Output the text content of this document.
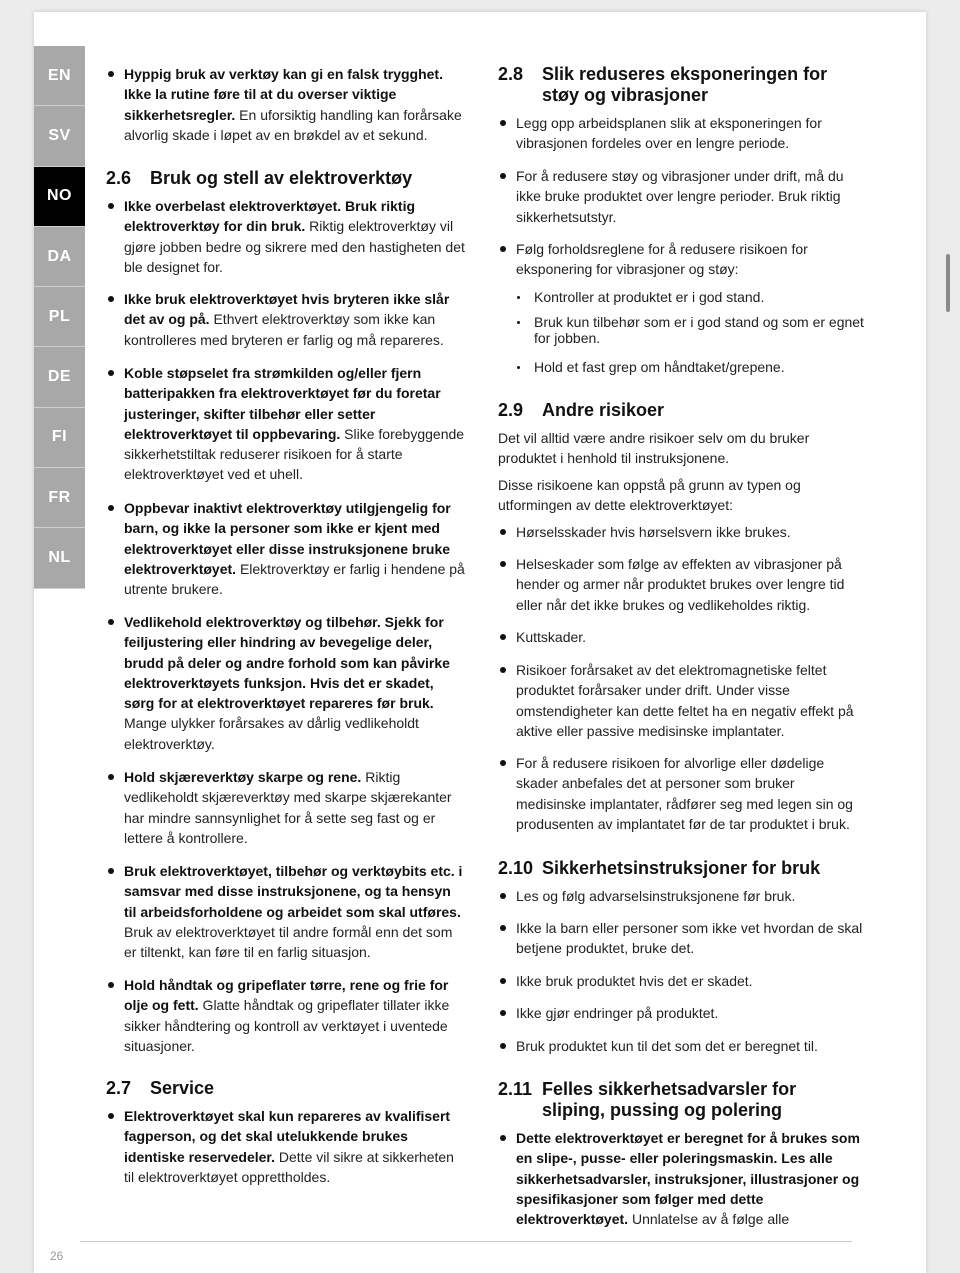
EN
SV
NO
DA
PL
DE
FI
FR
NL
Hyppig bruk av verktøy kan gi en falsk trygghet. Ikke la rutine føre til at du overser viktige sikkerhetsregler. En uforsiktig handling kan forårsake alvorlig skade i løpet av en brøkdel av et sekund.
2.6	Bruk og stell av elektroverktøy
Ikke overbelast elektroverktøyet. Bruk riktig elektroverktøy for din bruk. Riktig elektroverktøy vil gjøre jobben bedre og sikrere med den hastigheten det ble designet for.
Ikke bruk elektroverktøyet hvis bryteren ikke slår det av og på. Ethvert elektroverktøy som ikke kan kontrolleres med bryteren er farlig og må repareres.
Koble støpselet fra strømkilden og/eller fjern batteripakken fra elektroverktøyet før du foretar justeringer, skifter tilbehør eller setter elektroverktøyet til oppbevaring. Slike forebyggende sikkerhetstiltak reduserer risikoen for å starte elektroverktøyet ved et uhell.
Oppbevar inaktivt elektroverktøy utilgjengelig for barn, og ikke la personer som ikke er kjent med elektroverktøyet eller disse instruksjonene bruke elektroverktøyet. Elektroverktøy er farlig i hendene på utrente brukere.
Vedlikehold elektroverktøy og tilbehør. Sjekk for feiljustering eller hindring av bevegelige deler, brudd på deler og andre forhold som kan påvirke elektroverktøyets funksjon. Hvis det er skadet, sørg for at elektroverktøyet repareres før bruk. Mange ulykker forårsakes av dårlig vedlikeholdt elektroverktøy.
Hold skjæreverktøy skarpe og rene. Riktig vedlikeholdt skjæreverktøy med skarpe skjærekanter har mindre sannsynlighet for å sette seg fast og er lettere å kontrollere.
Bruk elektroverktøyet, tilbehør og verktøybits etc. i samsvar med disse instruksjonene, og ta hensyn til arbeidsforholdene og arbeidet som skal utføres. Bruk av elektroverktøyet til andre formål enn det som er tiltenkt, kan føre til en farlig situasjon.
Hold håndtak og gripeflater tørre, rene og frie for olje og fett. Glatte håndtak og gripeflater tillater ikke sikker håndtering og kontroll av verktøyet i uventede situasjoner.
2.7	Service
Elektroverktøyet skal kun repareres av kvalifisert fagperson, og det skal utelukkende brukes identiske reservedeler. Dette vil sikre at sikkerheten til elektroverktøyet opprettholdes.
2.8	Slik reduseres eksponeringen for støy og vibrasjoner
Legg opp arbeidsplanen slik at eksponeringen for vibrasjonen fordeles over en lengre periode.
For å redusere støy og vibrasjoner under drift, må du ikke bruke produktet over lengre perioder. Bruk riktig sikkerhetsutstyr.
Følg forholdsreglene for å redusere risikoen for eksponering for vibrasjoner og støy:
Kontroller at produktet er i god stand.
Bruk kun tilbehør som er i god stand og som er egnet for jobben.
Hold et fast grep om håndtaket/grepene.
2.9	Andre risikoer
Det vil alltid være andre risikoer selv om du bruker produktet i henhold til instruksjonene.
Disse risikoene kan oppstå på grunn av typen og utformingen av dette elektroverktøyet:
Hørselsskader hvis hørselsvern ikke brukes.
Helseskader som følge av effekten av vibrasjoner på hender og armer når produktet brukes over lengre tid eller når det ikke brukes og vedlikeholdes riktig.
Kuttskader.
Risikoer forårsaket av det elektromagnetiske feltet produktet forårsaker under drift. Under visse omstendigheter kan dette feltet ha en negativ effekt på aktive eller passive medisinske implantater.
For å redusere risikoen for alvorlige eller dødelige skader anbefales det at personer som bruker medisinske implantater, rådfører seg med legen sin og produsenten av implantatet før de tar produktet i bruk.
2.10 Sikkerhetsinstruksjoner for bruk
Les og følg advarselsinstruksjonene før bruk.
Ikke la barn eller personer som ikke vet hvordan de skal betjene produktet, bruke det.
Ikke bruk produktet hvis det er skadet.
Ikke gjør endringer på produktet.
Bruk produktet kun til det som det er beregnet til.
2.11 Felles sikkerhetsadvarsler for sliping, pussing og polering
Dette elektroverktøyet er beregnet for å brukes som en slipe-, pusse- eller poleringsmaskin. Les alle sikkerhetsadvarsler, instruksjoner, illustrasjoner og spesifikasjoner som følger med dette elektroverktøyet. Unnlatelse av å følge alle
26
